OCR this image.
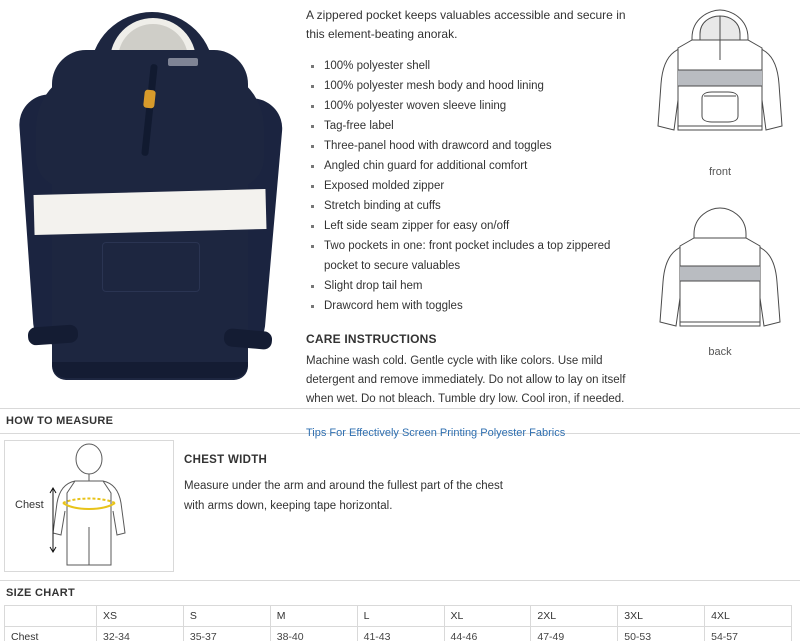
A zippered pocket keeps valuables accessible and secure in this element-beating anorak.

100% polyester shell
100% polyester mesh body and hood lining
100% polyester woven sleeve lining
Tag-free label
Three-panel hood with drawcord and toggles
Angled chin guard for additional comfort
Exposed molded zipper
Stretch binding at cuffs
Left side seam zipper for easy on/off
Two pockets in one: front pocket includes a top zippered pocket to secure valuables
Slight drop tail hem
Drawcord hem with toggles
CARE INSTRUCTIONS

Machine wash cold. Gentle cycle with like colors. Use mild detergent and remove immediately. Do not allow to lay on itself when wet. Do not bleach. Tumble dry low. Cool iron, if needed.

Tips For Effectively Screen Printing Polyester Fabrics
front
back
HOW TO MEASURE
Chest
CHEST WIDTH
Measure under the arm and around the fullest part of the chest
with arms down, keeping tape horizontal.
SIZE CHART
	XS	S	M	L	XL	2XL	3XL	4XL
Chest	32-34	35-37	38-40	41-43	44-46	47-49	50-53	54-57
